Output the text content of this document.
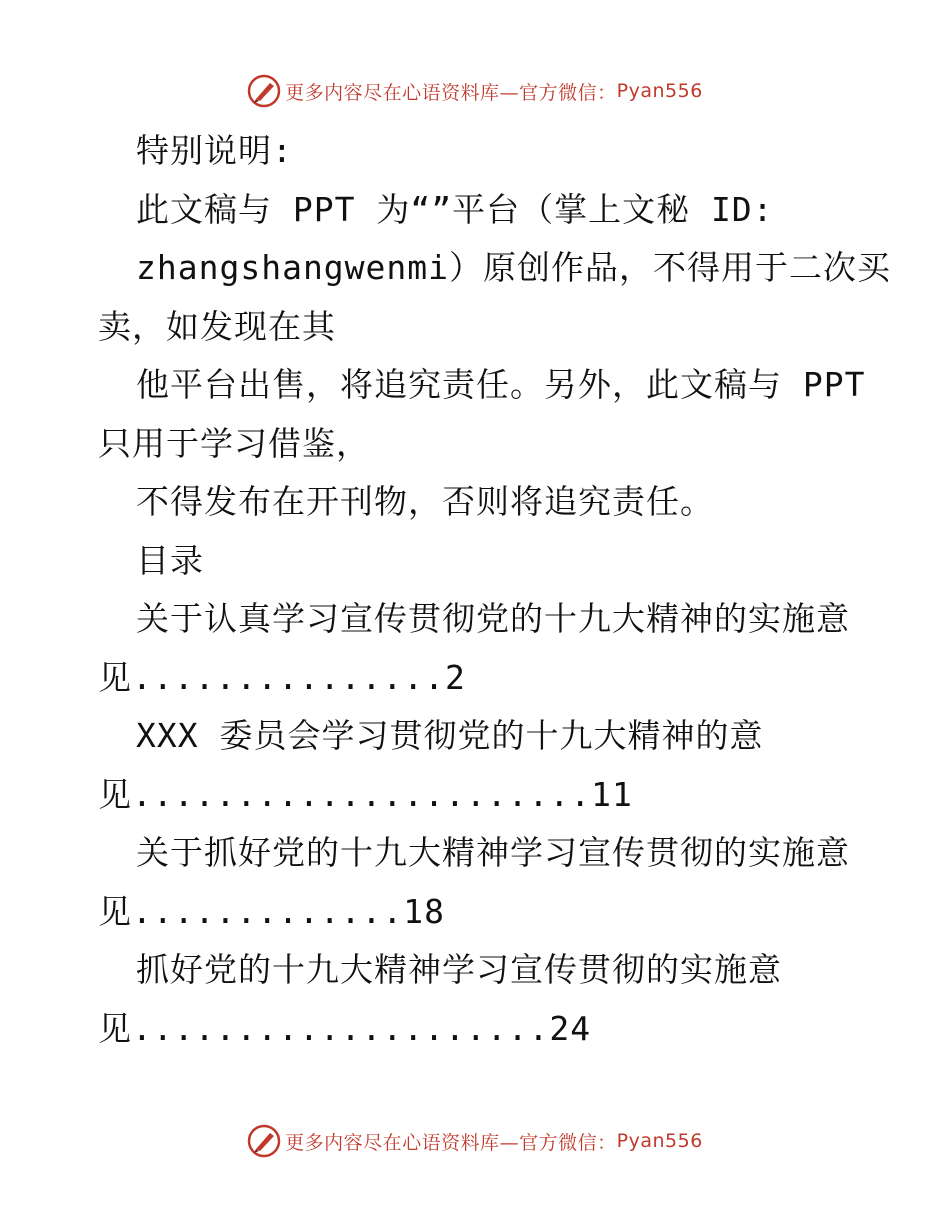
更多内容尽在心语资料库—官方微信： Pyan556
特别说明:
此文稿与 PPT 为“”平台（掌上文秘 ID:
zhangshangwenmi）原创作品，不得用于二次买
卖，如发现在其
他平台出售，将追究责任。另外，此文稿与 PPT
只用于学习借鉴，
不得发布在开刊物，否则将追究责任。
目录
关于认真学习宣传贯彻党的十九大精神的实施意
见...............2
XXX 委员会学习贯彻党的十九大精神的意
见......................11
关于抓好党的十九大精神学习宣传贯彻的实施意
见.............18
抓好党的十九大精神学习宣传贯彻的实施意
见....................24
更多内容尽在心语资料库—官方微信： Pyan556
